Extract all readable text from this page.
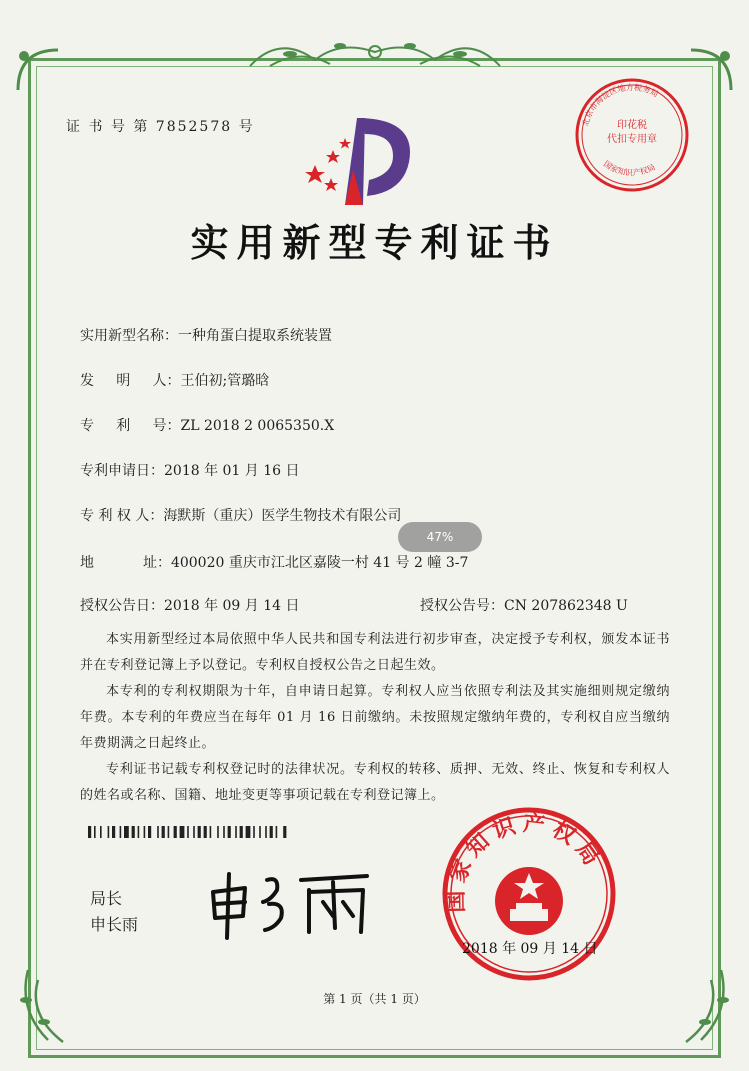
证 书 号 第 7852578 号	印花税
代扣专用章
北京市海淀区地方税务局
国家知识产权局
实用新型专利证书
实用新型名称：一种角蛋白提取系统装置
发     明     人：王伯初;管璐晗
专     利     号：ZL 2018 2 0065350.X
专利申请日：2018 年 01 月 16 日
专 利 权 人：海默斯（重庆）医学生物技术有限公司
地           址：400020 重庆市江北区嘉陵一村 41 号 2 幢 3-7
授权公告日：2018 年 09 月 14 日	授权公告号：CN 207862348 U
本实用新型经过本局依照中华人民共和国专利法进行初步审查，决定授予专利权，颁发本证书并在专利登记簿上予以登记。专利权自授权公告之日起生效。
本专利的专利权期限为十年，自申请日起算。专利权人应当依照专利法及其实施细则规定缴纳年费。本专利的年费应当在每年 01 月 16 日前缴纳。未按照规定缴纳年费的，专利权自应当缴纳年费期满之日起终止。
专利证书记载专利权登记时的法律状况。专利权的转移、质押、无效、终止、恢复和专利权人的姓名或名称、国籍、地址变更等事项记载在专利登记簿上。
局长
申长雨
国家知识产权局
2018 年 09 月 14 日
第 1 页（共 1 页）
47%
